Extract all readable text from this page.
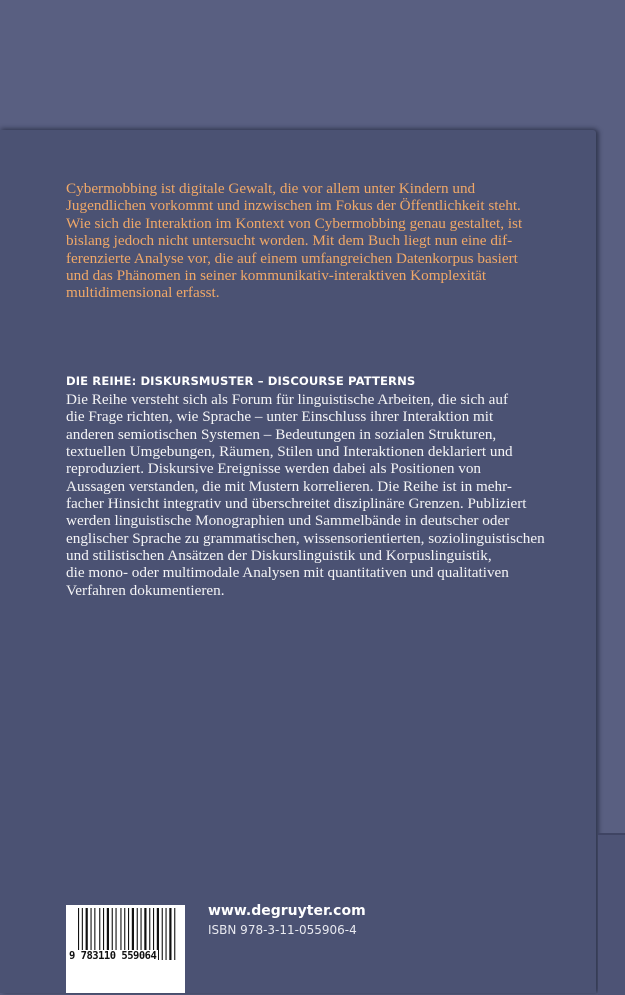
Cybermobbing ist digitale Gewalt, die vor allem unter Kindern und
Jugendlichen vorkommt und inzwischen im Fokus der Öffentlichkeit steht.
Wie sich die Interaktion im Kontext von Cybermobbing genau gestaltet, ist
bislang jedoch nicht untersucht worden. Mit dem Buch liegt nun eine dif-
ferenzierte Analyse vor, die auf einem umfangreichen Datenkorpus basiert
und das Phänomen in seiner kommunikativ-interaktiven Komplexität
multidimensional erfasst.
DIE REIHE: DISKURSMUSTER – DISCOURSE PATTERNS
Die Reihe versteht sich als Forum für linguistische Arbeiten, die sich auf
die Frage richten, wie Sprache – unter Einschluss ihrer Interaktion mit
anderen semiotischen Systemen – Bedeutungen in sozialen Strukturen,
textuellen Umgebungen, Räumen, Stilen und Interaktionen deklariert und
reproduziert. Diskursive Ereignisse werden dabei als Positionen von
Aussagen verstanden, die mit Mustern korrelieren. Die Reihe ist in mehr-
facher Hinsicht integrativ und überschreitet disziplinäre Grenzen. Publiziert
werden linguistische Monographien und Sammelbände in deutscher oder
englischer Sprache zu grammatischen, wissensorientierten, soziolinguistischen
und stilistischen Ansätzen der Diskurslinguistik und Korpuslinguistik,
die mono- oder multimodale Analysen mit quantitativen und qualitativen
Verfahren dokumentieren.
9 783110 559064
www.degruyter.com
ISBN 978-3-11-055906-4
